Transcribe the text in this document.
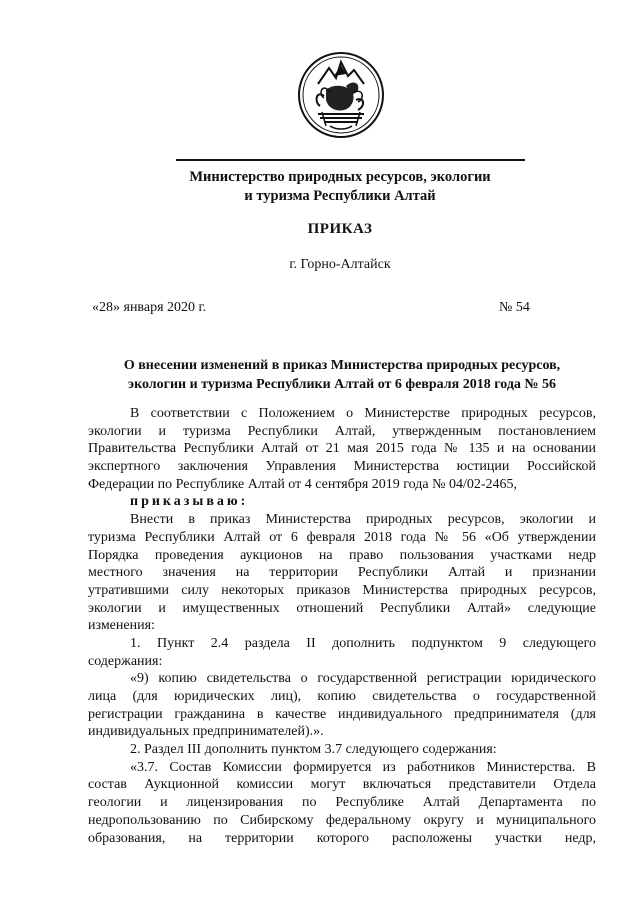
Министерство природных ресурсов, экологии
и туризма Республики Алтай
ПРИКАЗ
г. Горно-Алтайск
«28» января 2020 г.	№ 54
О внесении изменений в приказ Министерства природных ресурсов,
экологии и туризма Республики Алтай от 6 февраля 2018 года № 56
В соответствии с Положением о Министерстве природных ресурсов,
экологии и туризма Республики Алтай, утвержденным постановлением
Правительства Республики Алтай от 21 мая 2015 года № 135 и на основании
экспертного заключения Управления Министерства юстиции Российской
Федерации по Республике Алтай от 4 сентября 2019 года № 04/02-2465,
приказываю:
Внести в приказ Министерства природных ресурсов, экологии и
туризма Республики Алтай от 6 февраля 2018 года № 56 «Об утверждении
Порядка проведения аукционов на право пользования участками недр
местного значения на территории Республики Алтай и признании
утратившими силу некоторых приказов Министерства природных ресурсов,
экологии и имущественных отношений Республики Алтай» следующие
изменения:
1. Пункт 2.4 раздела II дополнить подпунктом 9 следующего
содержания:
«9) копию свидетельства о государственной регистрации юридического
лица (для юридических лиц), копию свидетельства о государственной
регистрации гражданина в качестве индивидуального предпринимателя (для
индивидуальных предпринимателей).».
2. Раздел III дополнить пунктом 3.7 следующего содержания:
«3.7. Состав Комиссии формируется из работников Министерства. В
состав Аукционной комиссии могут включаться представители Отдела
геологии и лицензирования по Республике Алтай Департамента по
недропользованию по Сибирскому федеральному округу и муниципального
образования, на территории которого расположены участки недр,
